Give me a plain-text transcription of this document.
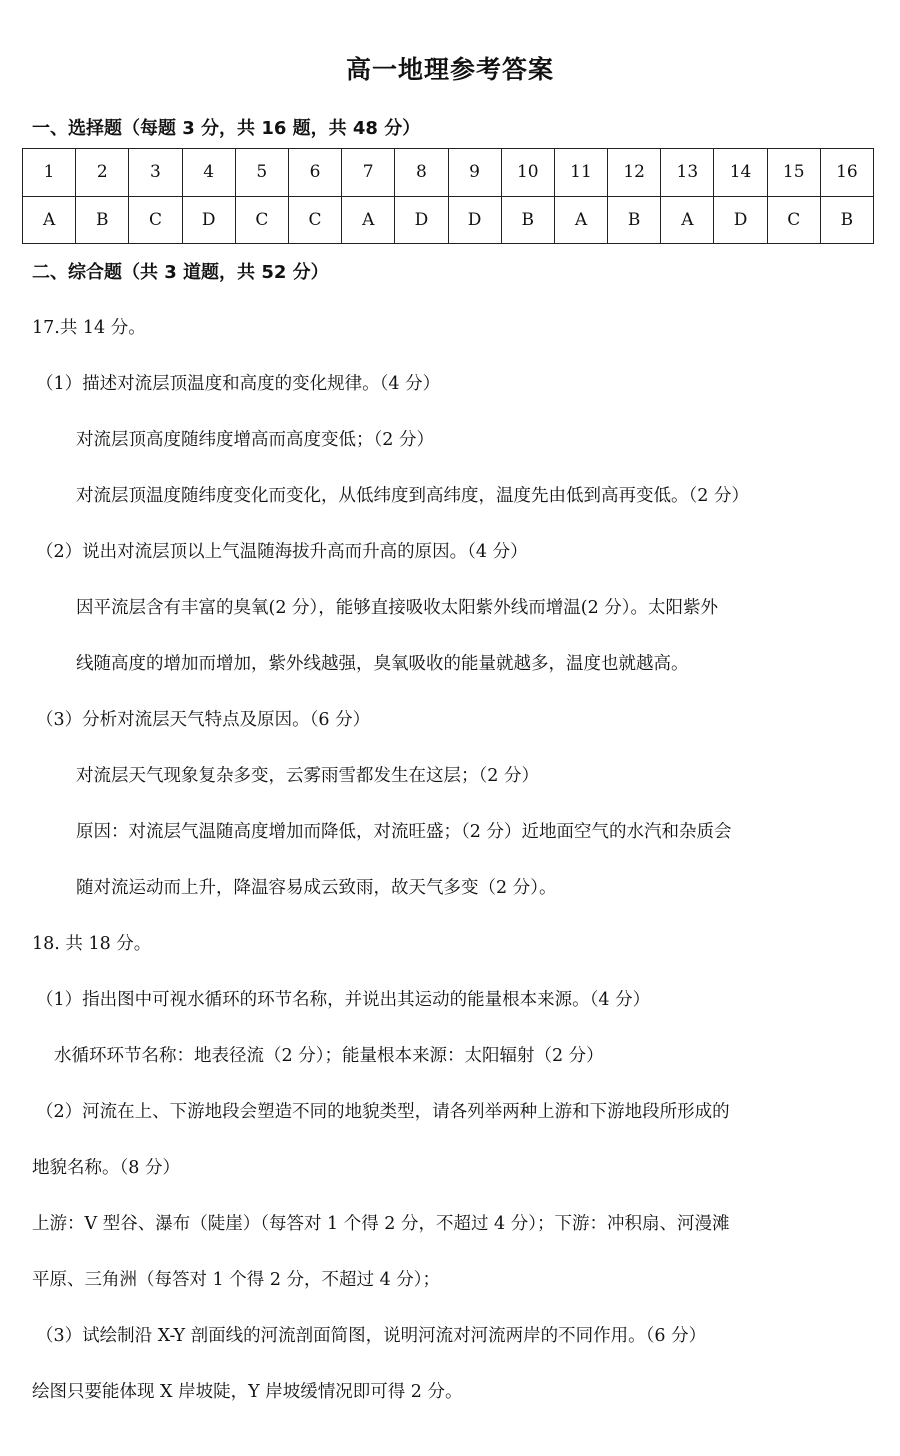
高一地理参考答案
一、选择题（每题 3 分，共 16 题，共 48 分）
1	2	3	4	5	6	7	8	9	10	11	12	13	14	15	16
A	B	C	D	C	C	A	D	D	B	A	B	A	D	C	B
二、综合题（共 3 道题，共 52 分）
17.共 14 分。
（1）描述对流层顶温度和高度的变化规律。（4 分）
对流层顶高度随纬度增高而高度变低；（2 分）
对流层顶温度随纬度变化而变化，从低纬度到高纬度，温度先由低到高再变低。（2 分）
（2）说出对流层顶以上气温随海拔升高而升高的原因。（4 分）
因平流层含有丰富的臭氧(2 分），能够直接吸收太阳紫外线而增温(2 分）。太阳紫外
线随高度的增加而增加，紫外线越强，臭氧吸收的能量就越多，温度也就越高。
（3）分析对流层天气特点及原因。（6 分）
对流层天气现象复杂多变，云雾雨雪都发生在这层；（2 分）
原因：对流层气温随高度增加而降低，对流旺盛；（2 分）近地面空气的水汽和杂质会
随对流运动而上升，降温容易成云致雨，故天气多变（2 分）。
18. 共 18 分。
（1）指出图中可视水循环的环节名称，并说出其运动的能量根本来源。（4 分）
水循环环节名称：地表径流（2 分）；能量根本来源：太阳辐射（2 分）
（2）河流在上、下游地段会塑造不同的地貌类型，请各列举两种上游和下游地段所形成的
地貌名称。（8 分）
上游：V 型谷、瀑布（陡崖）（每答对 1 个得 2 分，不超过 4 分）；下游：冲积扇、河漫滩
平原、三角洲（每答对 1 个得 2 分，不超过 4 分）；
（3）试绘制沿 X-Y 剖面线的河流剖面简图，说明河流对河流两岸的不同作用。（6 分）
绘图只要能体现 X 岸坡陡，Y 岸坡缓情况即可得 2 分。
